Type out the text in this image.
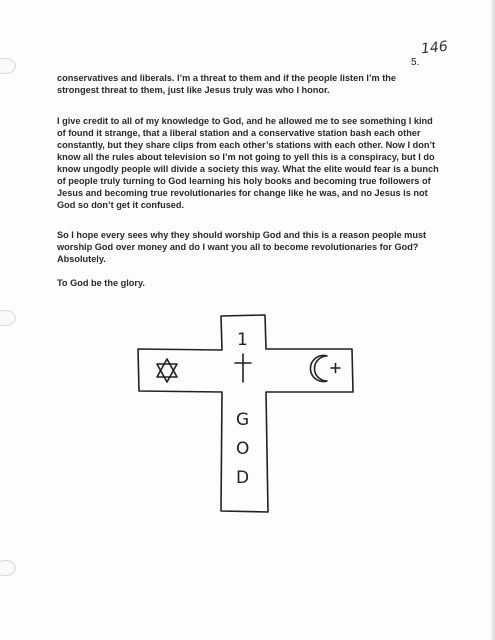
146
5.

conservatives and liberals. I’m a threat to them and if the people listen I’m the strongest threat to them, just like Jesus truly was who I honor.

I give credit to all of my knowledge to God, and he allowed me to see something I kind of found it strange, that a liberal station and a conservative station bash each other constantly, but they share clips from each other’s stations with each other. Now I don’t know all the rules about television so I’m not going to yell this is a conspiracy, but I do know ungodly people will divide a society this way. What the elite would fear is a bunch of people truly turning to God learning his holy books and becoming true followers of Jesus and becoming true revolutionaries for change like he was, and no Jesus is not God so don’t get it confused.

So I hope every sees why they should worship God and this is a reason people must worship God over money and do I want you all to become revolutionaries for God? Absolutely.

To God be the glory.

1
G
O
D
